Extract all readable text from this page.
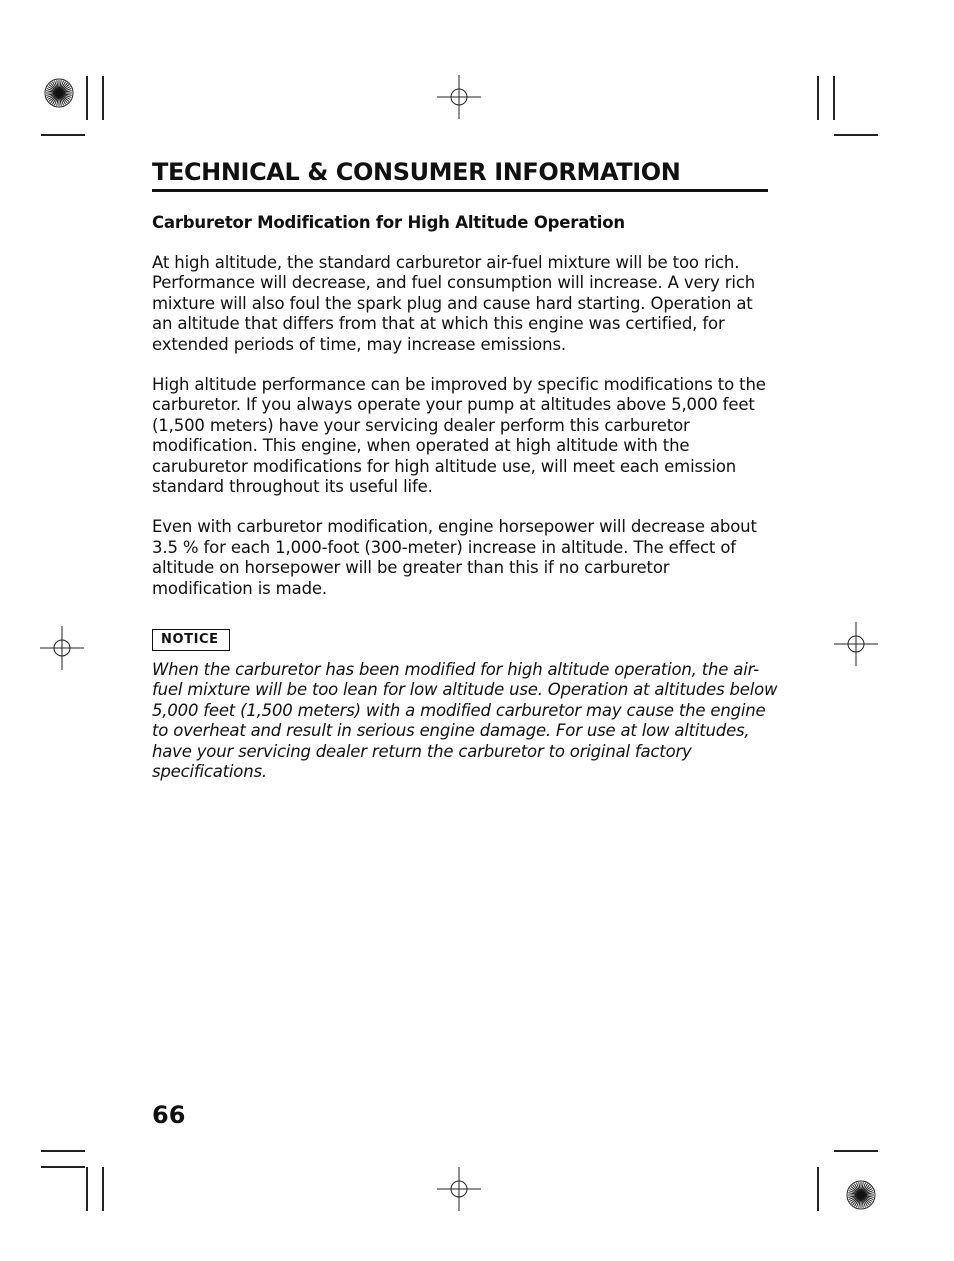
TECHNICAL & CONSUMER INFORMATION
Carburetor Modification for High Altitude Operation

At high altitude, the standard carburetor air-fuel mixture will be too rich. Performance will decrease, and fuel consumption will increase. A very rich mixture will also foul the spark plug and cause hard starting. Operation at an altitude that differs from that at which this engine was certified, for extended periods of time, may increase emissions.

High altitude performance can be improved by specific modifications to the carburetor. If you always operate your pump at altitudes above 5,000 feet (1,500 meters) have your servicing dealer perform this carburetor modification. This engine, when operated at high altitude with the caruburetor modifications for high altitude use, will meet each emission standard throughout its useful life.

Even with carburetor modification, engine horsepower will decrease about 3.5 % for each 1,000-foot (300-meter) increase in altitude. The effect of altitude on horsepower will be greater than this if no carburetor modification is made.

NOTICE

When the carburetor has been modified for high altitude operation, the air-fuel mixture will be too lean for low altitude use. Operation at altitudes below 5,000 feet (1,500 meters) with a modified carburetor may cause the engine to overheat and result in serious engine damage. For use at low altitudes, have your servicing dealer return the carburetor to original factory specifications.

66
